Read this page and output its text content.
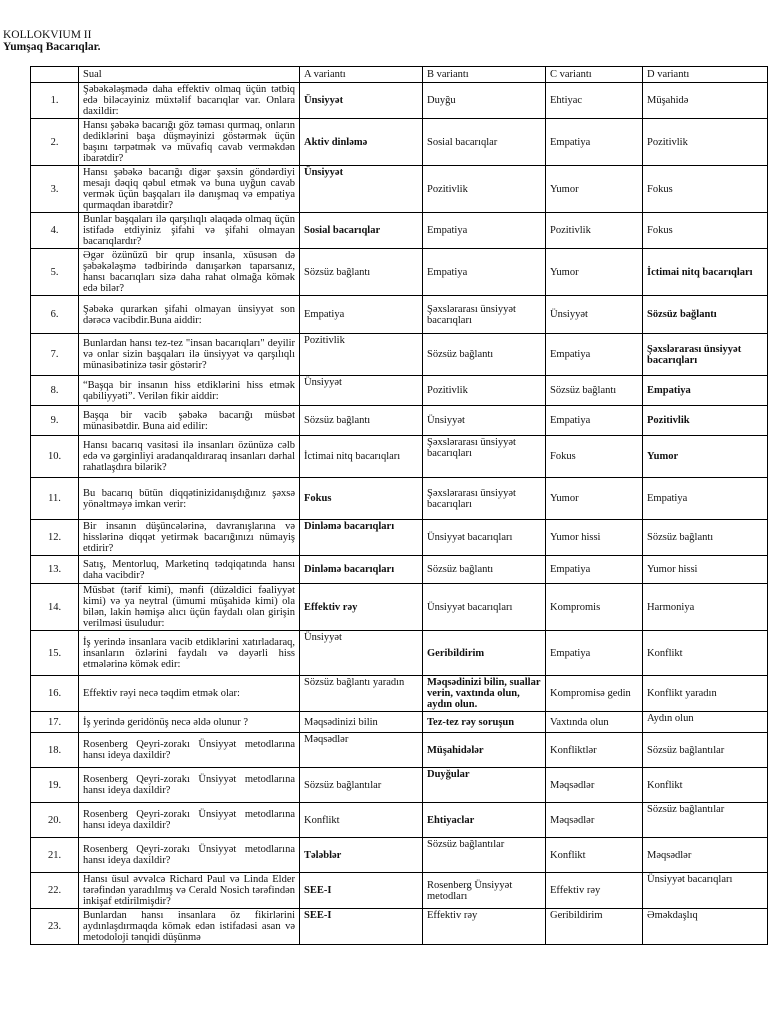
KOLLOKVIUM II
Yumşaq Bacarıqlar.
	Sual	A variantı	B variantı	C variantı	D variantı
1.	Şəbəkələşmədə daha effektiv olmaq üçün tətbiq edə biləcəyiniz müxtəlif bacarıqlar var. Onlara daxildir:	Ünsiyyət	Duyğu	Ehtiyac	Müşahidə
2.	Hansı şəbəkə bacarığı göz təması qurmaq, onların dediklərini başa düşməyinizi göstərmək üçün başını tərpətmək və müvafiq cavab verməkdən ibarətdir?	Aktiv dinləmə	Sosial bacarıqlar	Empatiya	Pozitivlik
3.	Hansı şəbəkə bacarığı digər şəxsin göndərdiyi mesajı dəqiq qəbul etmək və buna uyğun cavab vermək üçün başqaları ilə danışmaq və empatiya qurmaqdan ibarətdir?	Ünsiyyət	Pozitivlik	Yumor	Fokus
4.	Bunlar başqaları ilə qarşılıqlı əlaqədə olmaq üçün istifadə etdiyiniz şifahi və şifahi olmayan bacarıqlardır?	Sosial bacarıqlar	Empatiya	Pozitivlik	Fokus
5.	Əgər özünüzü bir qrup insanla, xüsusən də şəbəkələşmə tədbirində danışarkən taparsanız, hansı bacarıqları sizə daha rahat olmağa kömək edə bilər?	Sözsüz bağlantı	Empatiya	Yumor	İctimai nitq bacarıqları
6.	Şəbəkə qurarkən şifahi olmayan ünsiyyət son dərəcə vacibdir.Buna aiddir:	Empatiya	Şəxslərarası ünsiyyət bacarıqları	Ünsiyyət	Sözsüz bağlantı
7.	Bunlardan hansı tez-tez "insan bacarıqları" deyilir və onlar sizin başqaları ilə ünsiyyət və qarşılıqlı münasibətinizə təsir göstərir?	Pozitivlik	Sözsüz bağlantı	Empatiya	Şəxslərarası ünsiyyət bacarıqları
8.	“Başqa bir insanın hiss etdiklərini hiss etmək qabiliyyəti”. Verilən fikir aiddir:	Ünsiyyət	Pozitivlik	Sözsüz bağlantı	Empatiya
9.	Başqa bir vacib şəbəkə bacarığı müsbət münasibətdir. Buna aid edilir:	Sözsüz bağlantı	Ünsiyyət	Empatiya	Pozitivlik
10.	Hansı bacarıq vasitəsi ilə insanları özünüzə cəlb edə və gərginliyi aradanqaldıraraq insanları dərhal rahatlaşdıra bilərik?	İctimai nitq bacarıqları	Şəxslərarası ünsiyyət bacarıqları	Fokus	Yumor
11.	Bu bacarıq bütün diqqətinizidanışdığınız şəxsə yönəltməyə imkan verir:	Fokus	Şəxslərarası ünsiyyət bacarıqları	Yumor	Empatiya
12.	Bir insanın düşüncələrinə, davranışlarına və hisslərinə diqqət yetirmək bacarığınızı nümayiş etdirir?	Dinləmə bacarıqları	Ünsiyyət bacarıqları	Yumor hissi	Sözsüz bağlantı
13.	Satış, Mentorluq, Marketinq tədqiqatında hansı daha vacibdir?	Dinləmə bacarıqları	Sözsüz bağlantı	Empatiya	Yumor hissi
14.	Müsbət (tərif kimi), mənfi (düzəldici fəaliyyət kimi) və ya neytral (ümumi müşahidə kimi) ola bilən, lakin həmişə alıcı üçün faydalı olan girişin verilməsi üsuludur:	Effektiv rəy	Ünsiyyət bacarıqları	Kompromis	Harmoniya
15.	İş yerində insanlara vacib etdiklərini xatırladaraq, insanların özlərini faydalı və dəyərli hiss etmələrinə kömək edir:	Ünsiyyət	Geribildirim	Empatiya	Konflikt
16.	Effektiv rəyi necə təqdim etmək olar:	Sözsüz bağlantı yaradın	Məqsədinizi bilin, suallar verin, vaxtında olun, aydın olun.	Kompromisə gedin	Konflikt yaradın
17.	İş yerində geridönüş necə əldə olunur ?	Məqsədinizi bilin	Tez-tez rəy soruşun	Vaxtında olun	Aydın olun
18.	Rosenberg Qeyri-zorakı Ünsiyyət metodlarına hansı ideya daxildir?	Məqsədlər	Müşahidələr	Konfliktlər	Sözsüz bağlantılar
19.	Rosenberg Qeyri-zorakı Ünsiyyət metodlarına hansı ideya daxildir?	Sözsüz bağlantılar	Duyğular	Məqsədlər	Konflikt
20.	Rosenberg Qeyri-zorakı Ünsiyyət metodlarına hansı ideya daxildir?	Konflikt	Ehtiyaclar	Məqsədlər	Sözsüz bağlantılar
21.	Rosenberg Qeyri-zorakı Ünsiyyət metodlarına hansı ideya daxildir?	Tələblər	Sözsüz bağlantılar	Konflikt	Məqsədlər
22.	Hansı üsul əvvəlcə Richard Paul və Linda Elder tərəfindən yaradılmış və Cerald Nosich tərəfindən inkişaf etdirilmişdir?	SEE-I	Rosenberg Ünsiyyət metodları	Effektiv rəy	Ünsiyyət bacarıqları
23.	Bunlardan hansı insanlara öz fikirlərini aydınlaşdırmaqda kömək edən istifadəsi asan və metodoloji tənqidi düşünmə	SEE-I	Effektiv rəy	Geribildirim	Əməkdaşlıq
